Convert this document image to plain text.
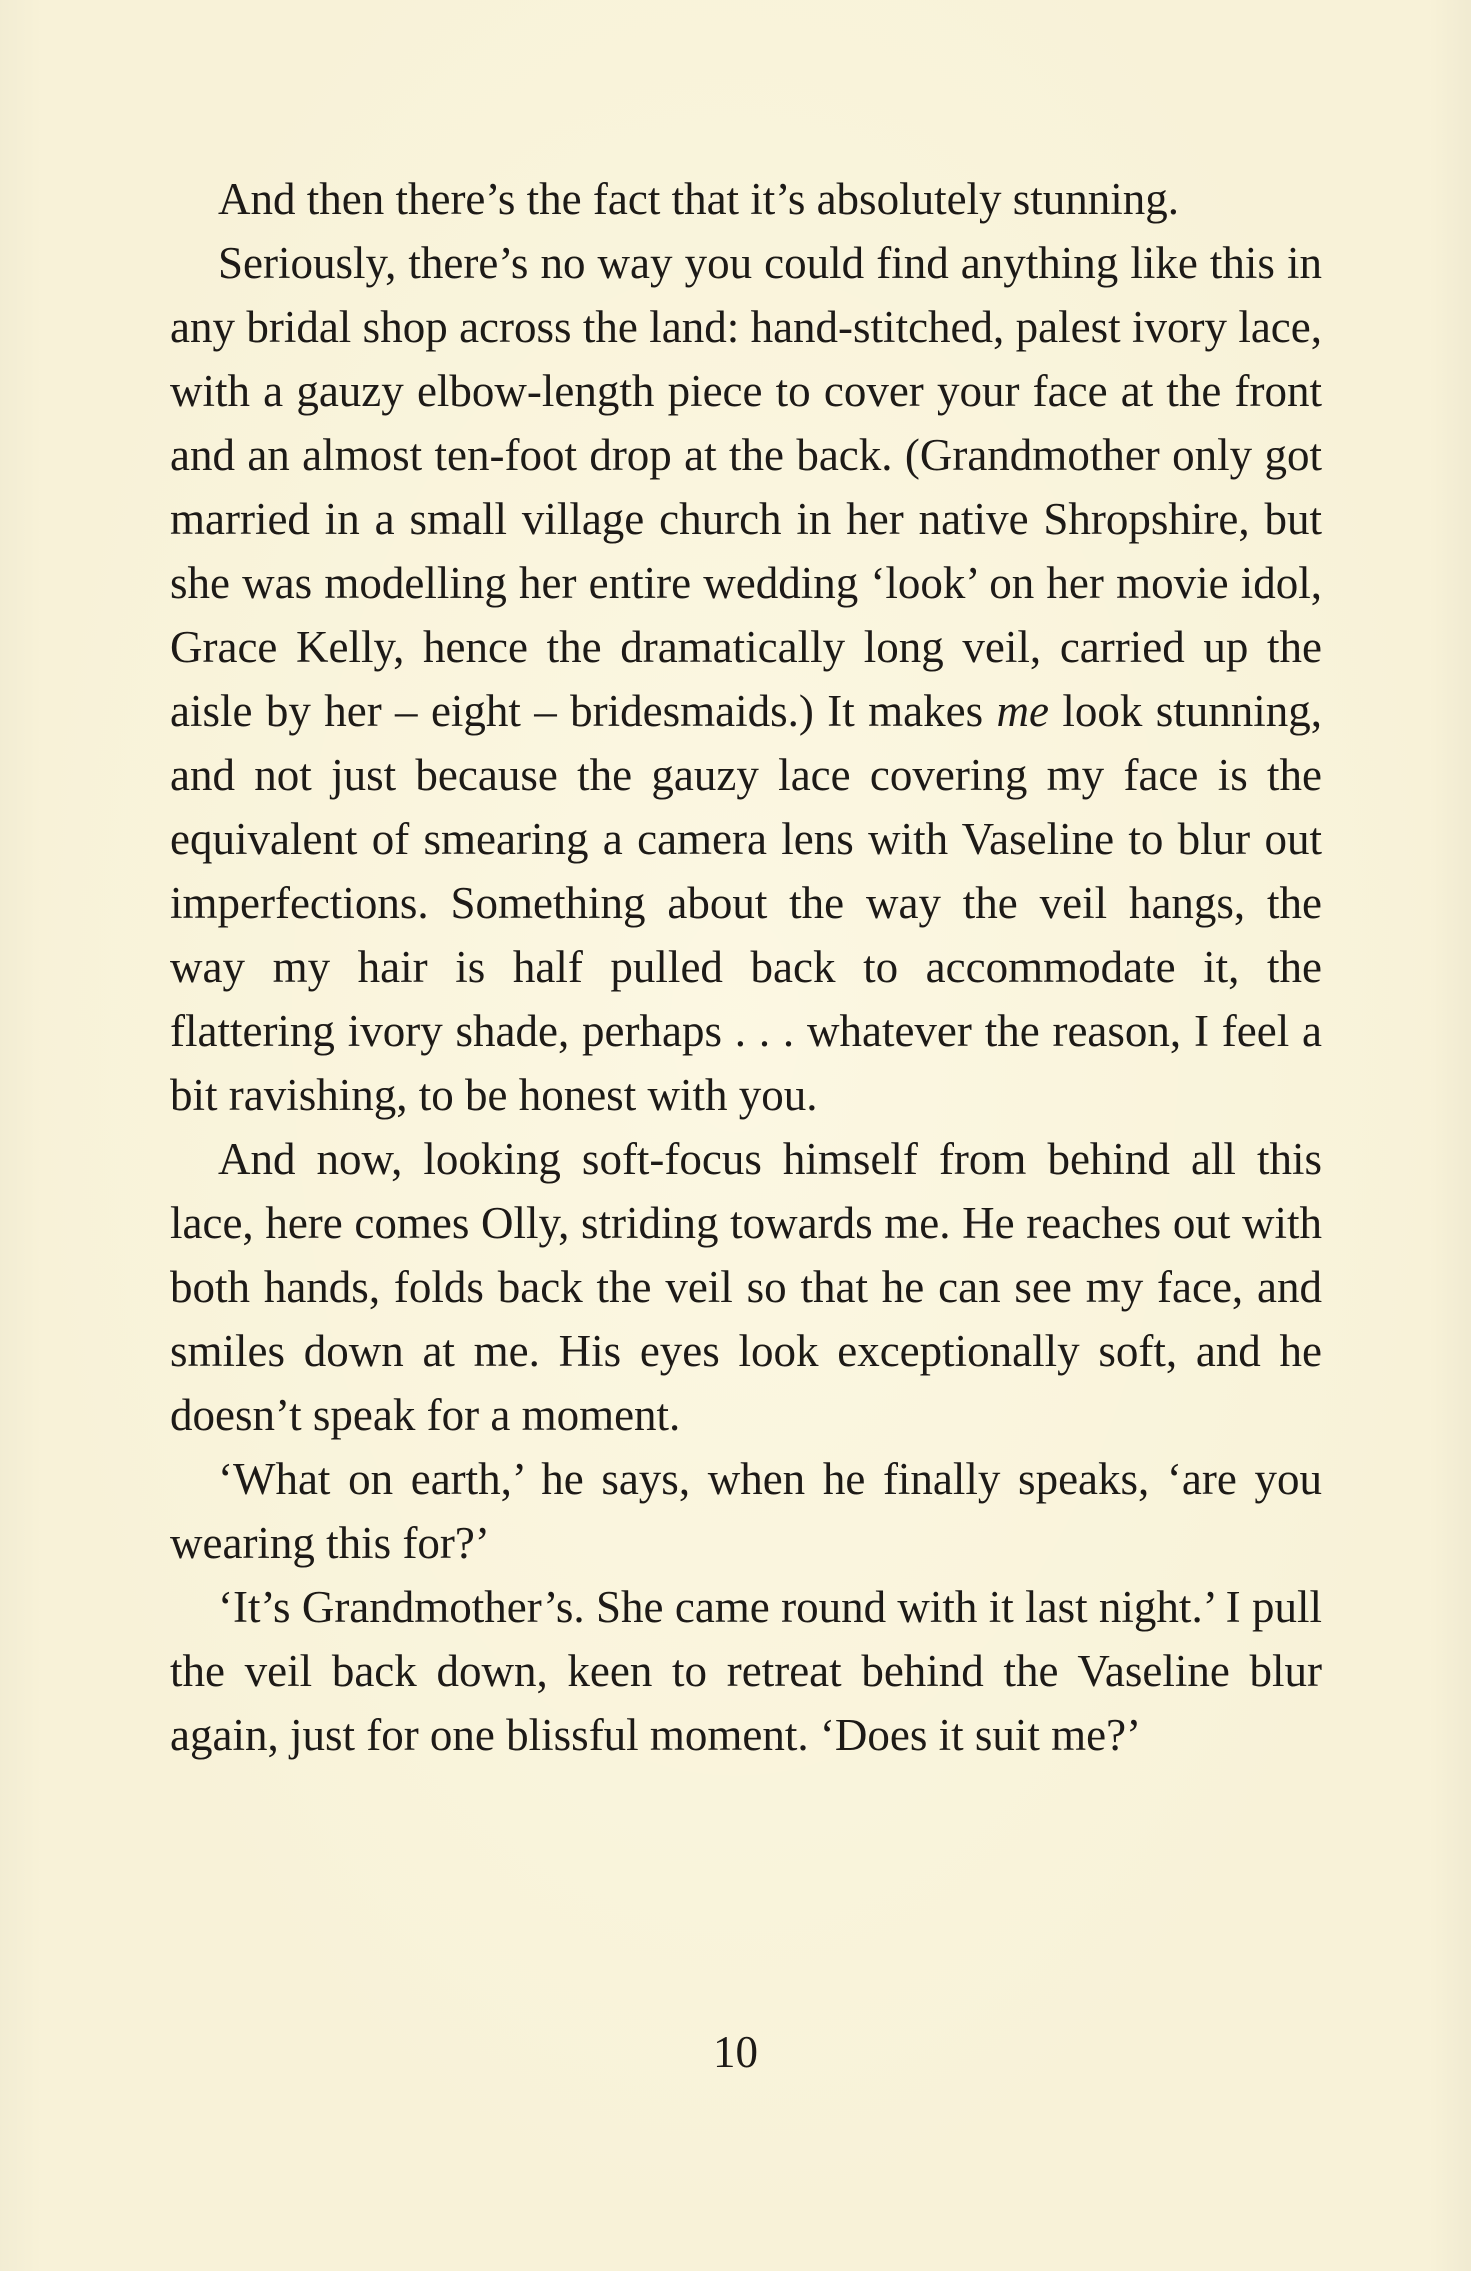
And then there’s the fact that it’s absolutely stunning.

Seriously, there’s no way you could find anything like this in any bridal shop across the land: hand-stitched, palest ivory lace, with a gauzy elbow-length piece to cover your face at the front and an almost ten-foot drop at the back. (Grandmother only got married in a small village church in her native Shropshire, but she was modelling her entire wedding ‘look’ on her movie idol, Grace Kelly, hence the dramatically long veil, carried up the aisle by her – eight – bridesmaids.) It makes me look stunning, and not just because the gauzy lace covering my face is the equivalent of smearing a camera lens with Vaseline to blur out imperfections. Something about the way the veil hangs, the way my hair is half pulled back to accommodate it, the flattering ivory shade, perhaps . . . whatever the reason, I feel a bit ravishing, to be honest with you.

And now, looking soft-focus himself from behind all this lace, here comes Olly, striding towards me. He reaches out with both hands, folds back the veil so that he can see my face, and smiles down at me. His eyes look exceptionally soft, and he doesn’t speak for a moment.

‘What on earth,’ he says, when he finally speaks, ‘are you wearing this for?’

‘It’s Grandmother’s. She came round with it last night.’ I pull the veil back down, keen to retreat behind the Vaseline blur again, just for one blissful moment. ‘Does it suit me?’

10
